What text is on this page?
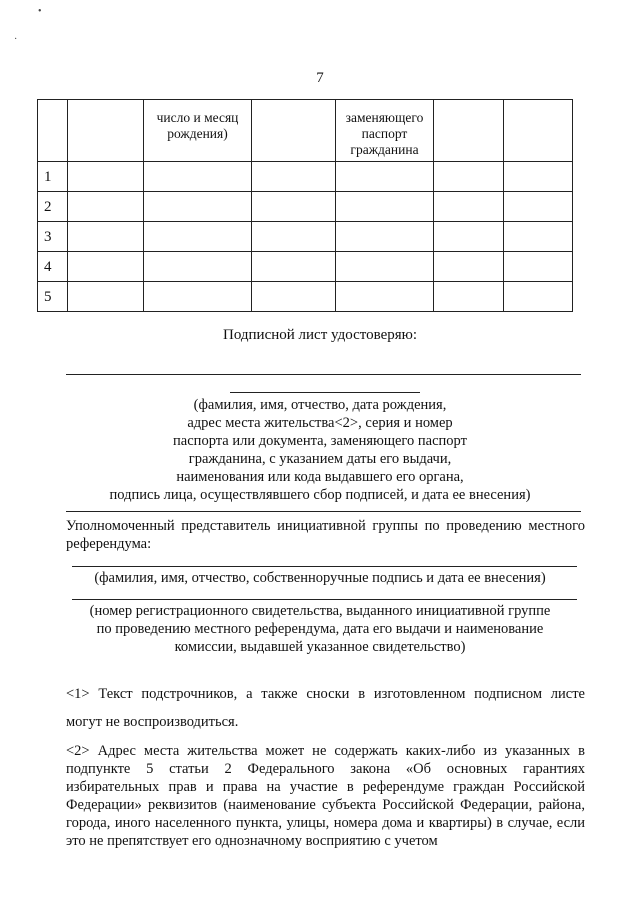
•
·
7
		число и месяц рождения)		заменяющего паспорт гражданина		
1						
2						
3						
4						
5						
Подписной лист удостоверяю:
(фамилия, имя, отчество, дата рождения,
адрес места жительства<2>, серия и номер
паспорта или документа, заменяющего паспорт
гражданина, с указанием даты его выдачи,
наименования или кода выдавшего его органа,
подпись лица, осуществлявшего сбор подписей, и дата ее внесения)
Уполномоченный представитель инициативной группы по проведению местного референдума:
(фамилия, имя, отчество, собственноручные подпись и дата ее внесения)
(номер регистрационного свидетельства, выданного инициативной группе
по проведению местного референдума, дата его выдачи и наименование
комиссии, выдавшей указанное свидетельство)
<1> Текст подстрочников, а также сноски в изготовленном подписном листе
могут не воспроизводиться.
<2> Адрес места жительства может не содержать каких-либо из указанных в подпункте 5 статьи 2 Федерального закона «Об основных гарантиях избирательных прав и права на участие в референдуме граждан Российской Федерации» реквизитов (наименование субъекта Российской Федерации, района, города, иного населенного пункта, улицы, номера дома и квартиры) в случае, если это не препятствует его однозначному восприятию с учетом
